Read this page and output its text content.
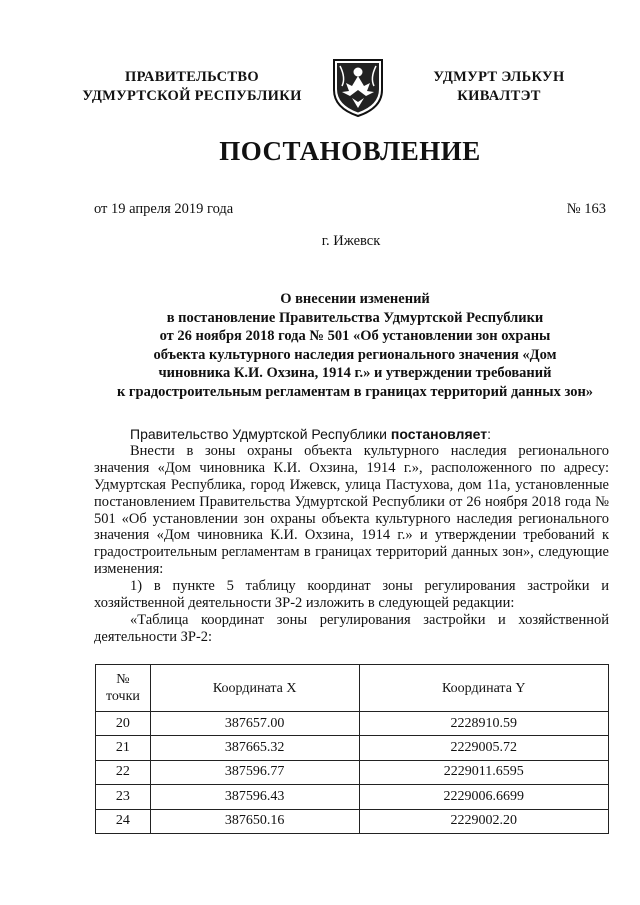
ПРАВИТЕЛЬСТВО
УДМУРТСКОЙ РЕСПУБЛИКИ
УДМУРТ ЭЛЬКУН
КИВАЛТЭТ
ПОСТАНОВЛЕНИЕ
от 19 апреля 2019 года	№ 163
г. Ижевск
О внесении изменений
в постановление Правительства Удмуртской Республики
от 26 ноября 2018 года № 501 «Об установлении зон охраны
объекта культурного наследия регионального значения «Дом
чиновника К.И. Охзина, 1914 г.» и утверждении требований
к градостроительным регламентам в границах территорий данных зон»
Правительство Удмуртской Республики постановляет:

Внести в зоны охраны объекта культурного наследия регионального значения «Дом чиновника К.И. Охзина, 1914 г.», расположенного по адресу: Удмуртская Республика, город Ижевск, улица Пастухова, дом 11а, установленные постановлением Правительства Удмуртской Республики от 26 ноября 2018 года № 501 «Об установлении зон охраны объекта культурного наследия регионального значения «Дом чиновника К.И. Охзина, 1914 г.» и утверждении требований к градостроительным регламентам в границах территорий данных зон», следующие изменения:

1) в пункте 5 таблицу координат зоны регулирования застройки и хозяйственной деятельности ЗР-2 изложить в следующей редакции:

«Таблица координат зоны регулирования застройки и хозяйственной деятельности ЗР-2:

№
точки	Координата X	Координата Y
20	387657.00	2228910.59
21	387665.32	2229005.72
22	387596.77	2229011.6595
23	387596.43	2229006.6699
24	387650.16	2229002.20
